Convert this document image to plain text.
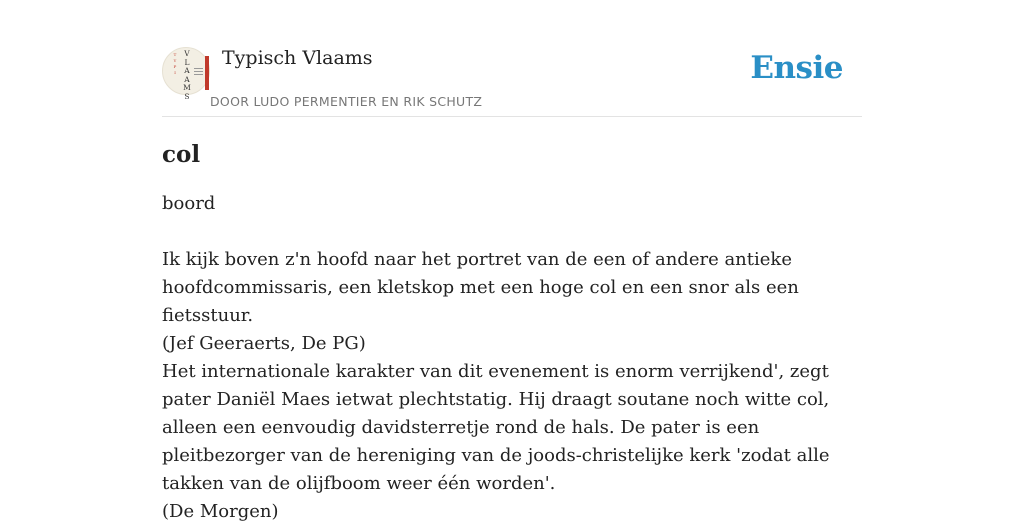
T
Y
P
I
V
L
A
A
M
S
Typisch Vlaams
DOOR LUDO PERMENTIER EN RIK SCHUTZ
Ensie
col
boord
Ik kijk boven z'n hoofd naar het portret van de een of andere antieke hoofdcommissaris, een kletskop met een hoge col en een snor als een fietsstuur.
(Jef Geeraerts, De PG)
Het internationale karakter van dit evenement is enorm verrijkend', zegt pater Daniël Maes ietwat plechtstatig. Hij draagt soutane noch witte col, alleen een eenvoudig davidsterretje rond de hals. De pater is een pleitbezorger van de hereniging van de joods-christelijke kerk 'zodat alle takken van de olijfboom weer één worden'.
(De Morgen)
